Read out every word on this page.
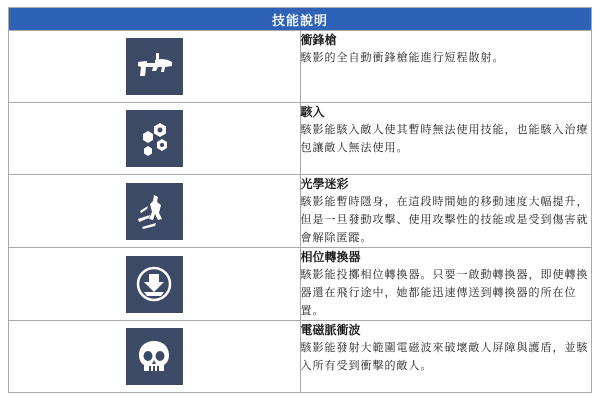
技能說明	

衝鋒槍
駭影的全自動衝鋒槍能進行短程散射。

駭入
駭影能駭入敵人使其暫時無法使用技能，也能駭入治療包讓敵人無法使用。

光學迷彩
駭影能暫時隱身，在這段時間她的移動速度大幅提升，但是一旦發動攻擊、使用攻擊性的技能或是受到傷害就會解除匿蹤。

相位轉換器
駭影能投擲相位轉換器。只要一啟動轉換器，即使轉換器還在飛行途中，她都能迅速傳送到轉換器的所在位置。

電磁脈衝波
駭影能發射大範圍電磁波來破壞敵人屏障與護盾，並駭入所有受到衝擊的敵人。
